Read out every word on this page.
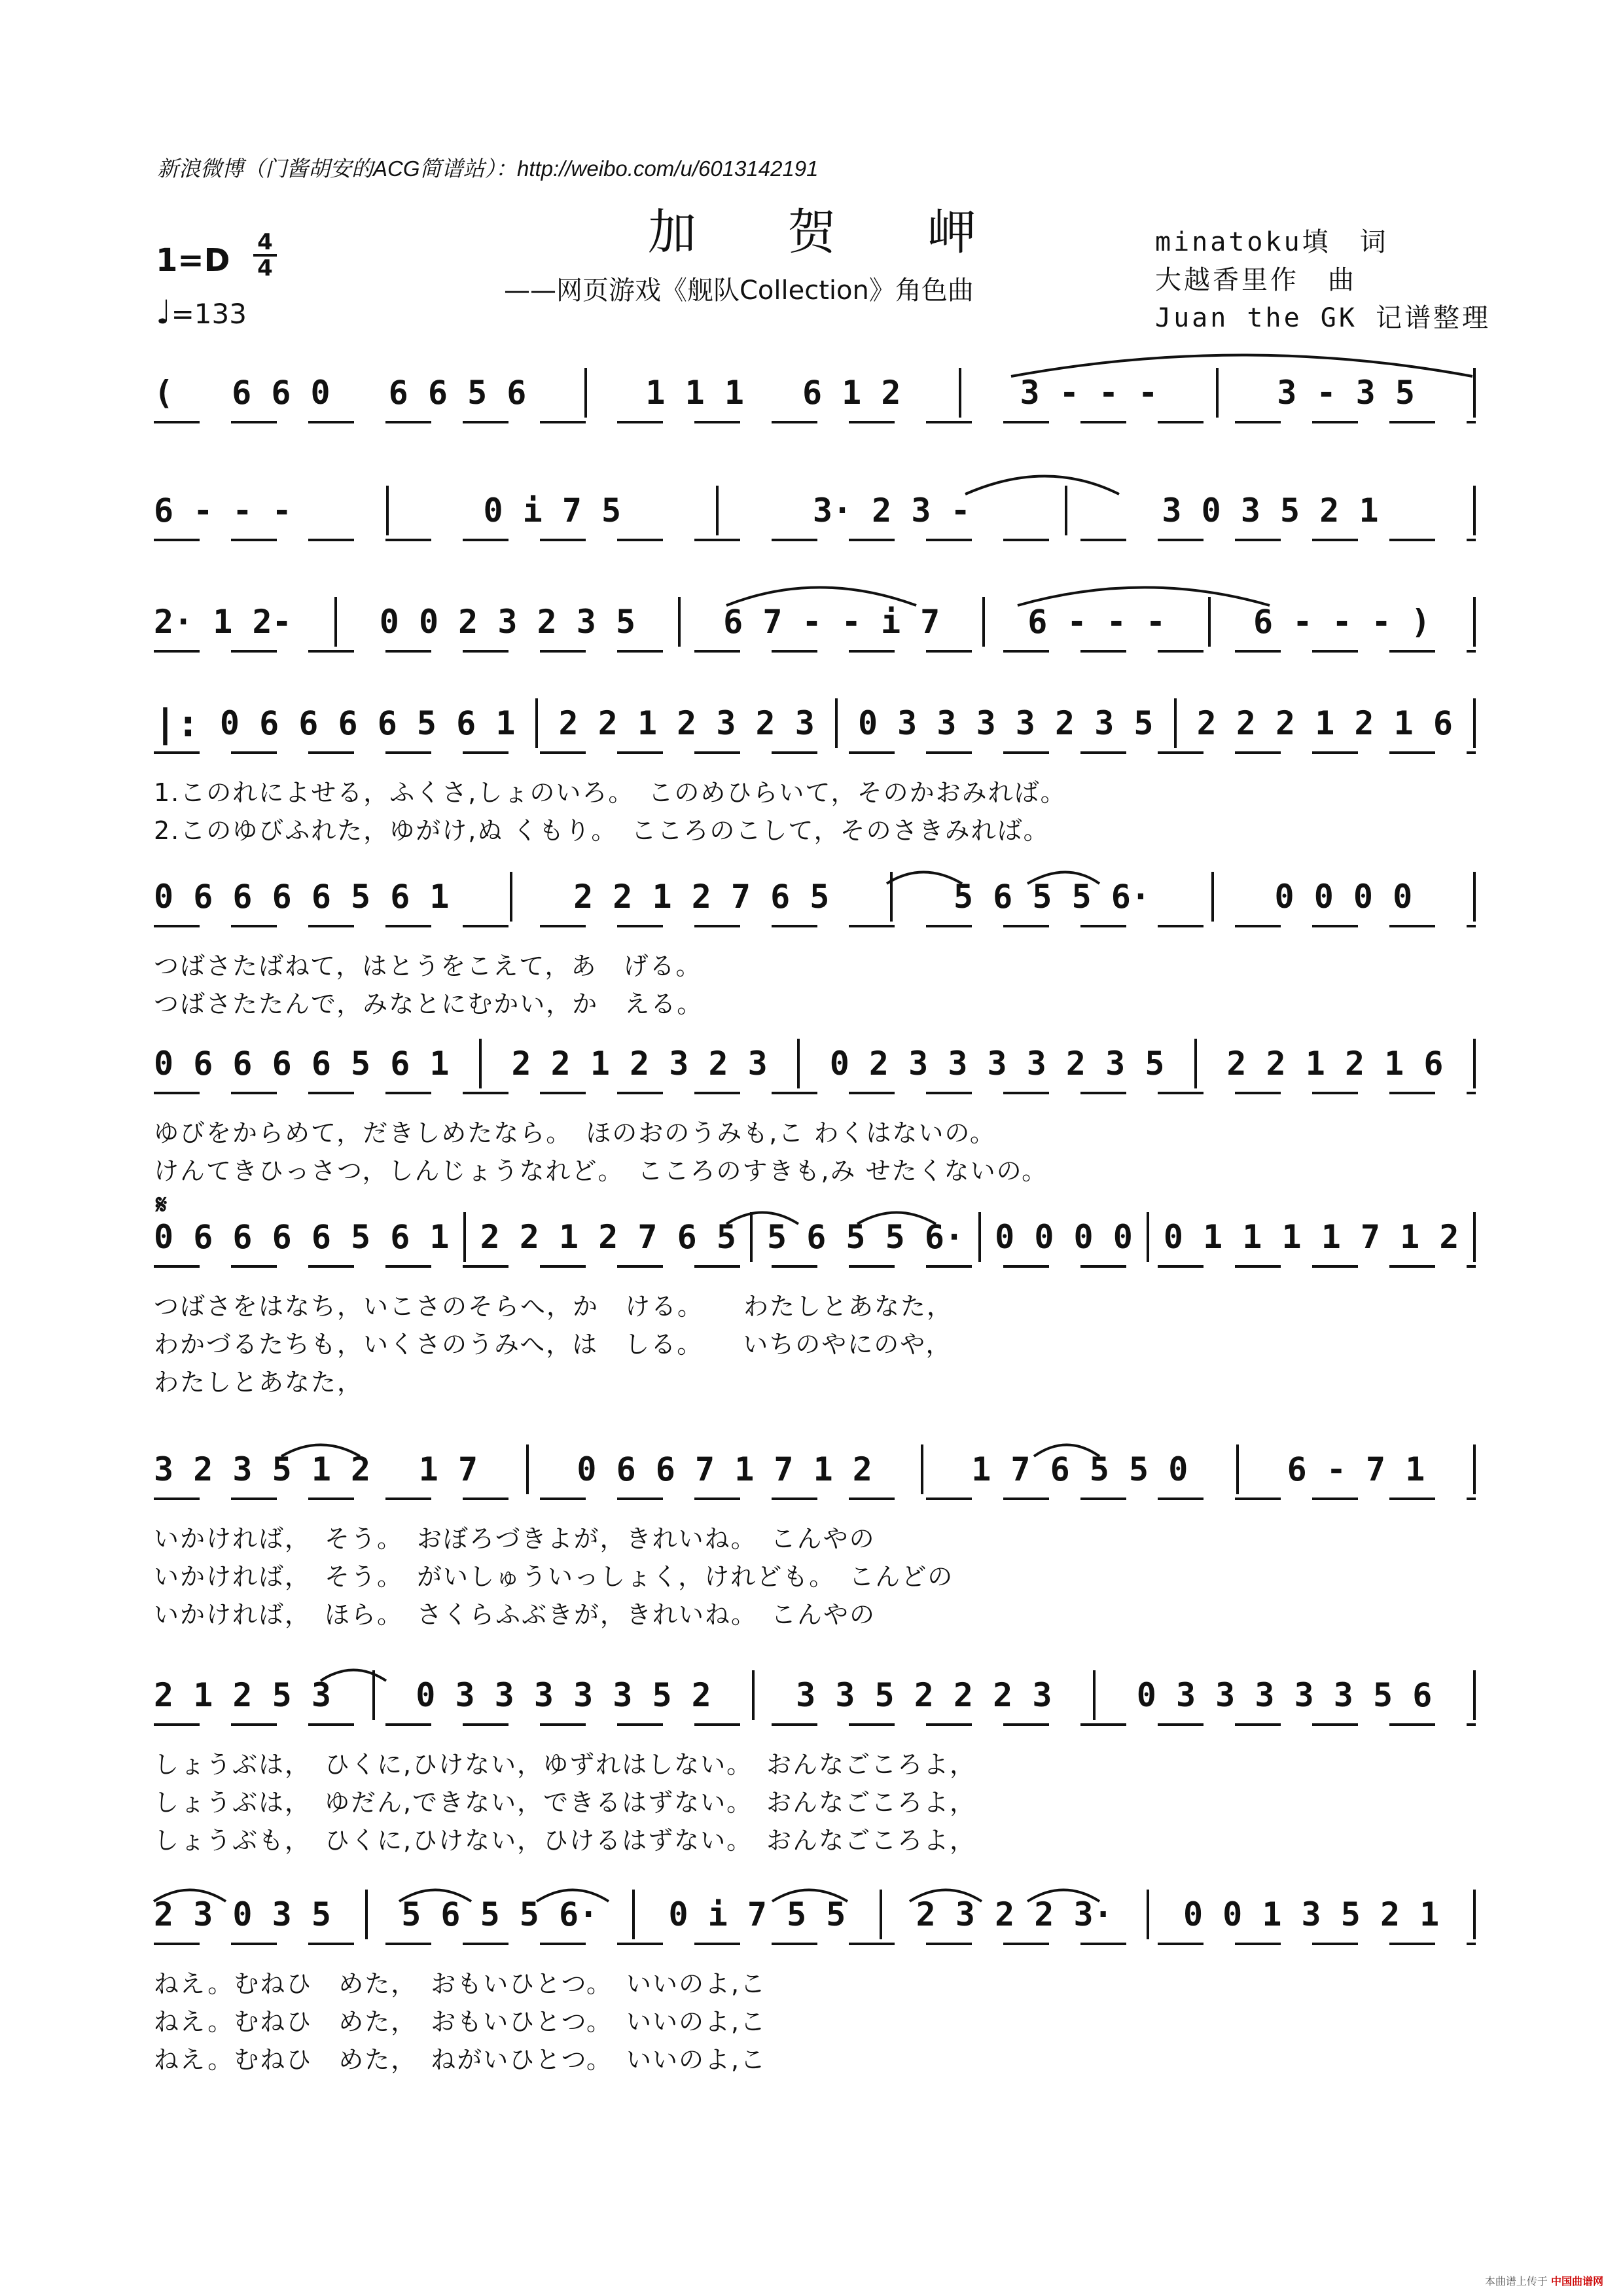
新浪微博（门酱胡安的ACG简谱站）：http://weibo.com/u/6013142191
加 贺 岬
——网页游戏《舰队Collection》角色曲
minatoku填　词
大越香里作　曲
Juan the GK 记谱整理
1=D 4
4
♩=133
𝄋
( 6 6 0 6 6 5 6	1 1 1 6 1 2	3 - - -	3 - 3 5
6 - - -	0 i 7 5	3· 2 3 -	3 0 3 5 2 1
2· 1 2-	0 0 2 3 2 3 5	6 7 - - i 7	6 - - -	6 - - - )
|: 0 6 6 6 6 5 6 1 2 2 1 2 3 2 3 0 3 3 3 3 2 3 5 2 2 2 1 2 1 6
1.このれによせる，ふくさ,しょのいろ。　このめひらいて，そのかおみれば。
2.このゆびふれた，ゆがけ,ぬ くもり。　こころのこして，そのさきみれば。
0 6 6 6 6 5 6 1	2 2 1 2 7 6 5	5 6 5 5 6·	0 0 0 0
つばさたばねて，はとうをこえて，あ　げる。
つばさたたんで，みなとにむかい，か　える。
0 6 6 6 6 5 6 1 2 2 1 2 3 2 3 0 2 3 3 3 3 2 3 5 2 2 1 2 1 6
ゆびをからめて，だきしめたなら。　ほのおのうみも,こ わくはないの。
けんてきひっさつ，しんじょうなれど。　こころのすきも,み せたくないの。
0 6 6 6 6 5 6 1 2 2 1 2 7 6 5 5 6 5 5 6· 0 0 0 0 0 1 1 1 1 7 1 2
つばさをはなち，いこさのそらへ，か　ける。　　わたしとあなた，
わかづるたちも，いくさのうみへ，は　しる。　　いちのやにのや，
わたしとあなた，
3 2 3 5 1 2 1 7	0 6 6 7 1 7 1 2	1 7 6 5 5 0	6 - 7 1
いかければ，　そう。　おぼろづきよが，きれいね。　こんやの
いかければ，　そう。　がいしゅういっしょく，けれども。　こんどの
いかければ，　ほら。　さくらふぶきが，きれいね。　こんやの
2 1 2 5 3	0 3 3 3 3 3 5 2	3 3 5 2 2 2 3	0 3 3 3 3 3 5 6
しょうぶは，　ひくに,ひけない，ゆずれはしない。　おんなごころよ，
しょうぶは，　ゆだん,できない，できるはずない。　おんなごころよ，
しょうぶも，　ひくに,ひけない，ひけるはずない。　おんなごころよ，
2 3 0 3 5 5 6 5 5 6· 0 i 7 5 5 2 3 2 2 3· 0 0 1 3 5 2 1
ねえ。むねひ　めた，　おもいひとつ。　いいのよ,こ
ねえ。むねひ　めた，　おもいひとつ。　いいのよ,こ
ねえ。むねひ　めた，　ねがいひとつ。　いいのよ,こ
本曲谱上传于 中国曲谱网
